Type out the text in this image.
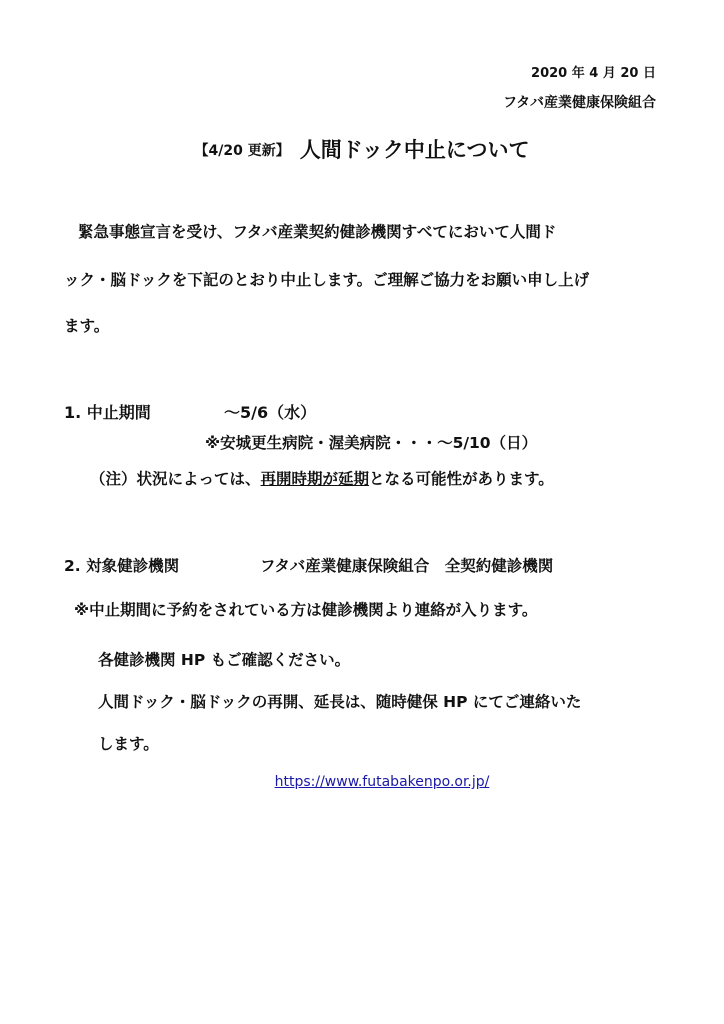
2020 年 4 月 20 日
フタバ産業健康保険組合
【4/20 更新】 人間ドック中止について
緊急事態宣言を受け、フタバ産業契約健診機関すべてにおいて人間ド
ック・脳ドックを下記のとおり中止します。ご理解ご協力をお願い申し上げ
ます。
1. 中止期間	～5/6（水）
※安城更生病院・渥美病院・・・～5/10（日）
（注）状況によっては、再開時期が延期となる可能性があります。
2. 対象健診機関	フタバ産業健康保険組合　全契約健診機関
※中止期間に予約をされている方は健診機関より連絡が入ります。
各健診機関 HP もご確認ください。
人間ドック・脳ドックの再開、延長は、随時健保 HP にてご連絡いた
します。
https://www.futabakenpo.or.jp/
